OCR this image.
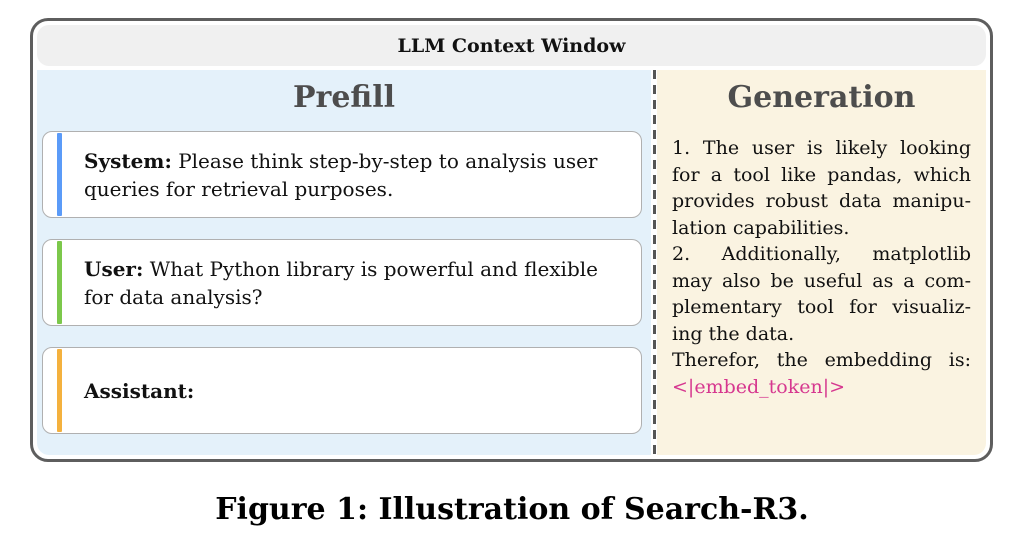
LLM Context Window
Prefill
System: Please think step-by-step to analysis user queries for retrieval purposes.
User: What Python library is powerful and flexible for data analysis?
Assistant:
Generation
1. The user is likely looking
for a tool like pandas, which
provides robust data manipu-
lation capabilities.
2. Additionally, matplotlib
may also be useful as a com-
plementary tool for visualiz-
ing the data.
Therefor, the embedding is:
<|embed_token|>
Figure 1: Illustration of Search-R3.
